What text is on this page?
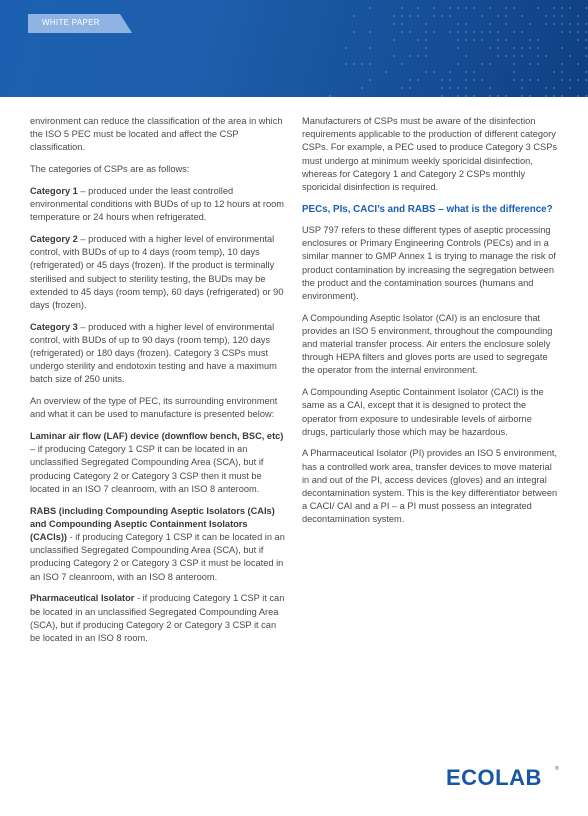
WHITE PAPER

environment can reduce the classification of the area in which the ISO 5 PEC must be located and affect the CSP classification.

The categories of CSPs are as follows:

Category 1 – produced under the least controlled environmental conditions with BUDs of up to 12 hours at room temperature or 24 hours when refrigerated.

Category 2 – produced with a higher level of environmental control, with BUDs of up to 4 days (room temp), 10 days (refrigerated) or 45 days (frozen). If the product is terminally sterilised and subject to sterility testing, the BUDs may be extended to 45 days (room temp), 60 days (refrigerated) or 90 days (frozen).

Category 3 – produced with a higher level of environmental control, with BUDs of up to 90 days (room temp), 120 days (refrigerated) or 180 days (frozen). Category 3 CSPs must undergo sterility and endotoxin testing and have a maximum batch size of 250 units.

An overview of the type of PEC, its surrounding environment and what it can be used to manufacture is presented below:

Laminar air flow (LAF) device (downflow bench, BSC, etc) – if producing Category 1 CSP it can be located in an unclassified Segregated Compounding Area (SCA), but if producing Category 2 or Category 3 CSP then it must be located in an ISO 7 cleanroom, with an ISO 8 anteroom.

RABS (including Compounding Aseptic Isolators (CAIs) and Compounding Aseptic Containment Isolators (CACIs)) - if producing Category 1 CSP it can be located in an unclassified Segregated Compounding Area (SCA), but if producing Category 2 or Category 3 CSP it must be located in an ISO 7 cleanroom, with an ISO 8 anteroom.

Pharmaceutical Isolator - if producing Category 1 CSP it can be located in an unclassified Segregated Compounding Area (SCA), but if producing Category 2 or Category 3 CSP it can be located in an ISO 8 room.

Manufacturers of CSPs must be aware of the disinfection requirements applicable to the production of different category CSPs. For example, a PEC used to produce Category 3 CSPs must undergo at minimum weekly sporicidal disinfection, whereas for Category 1 and Category 2 CSPs monthly sporicidal disinfection is required.

PECs, PIs, CACI’s and RABS – what is the difference?

USP 797 refers to these different types of aseptic processing enclosures or Primary Engineering Controls (PECs) and in a similar manner to GMP Annex 1 is trying to manage the risk of product contamination by increasing the segregation between the product and the contamination sources (humans and environment).

A Compounding Aseptic Isolator (CAI) is an enclosure that provides an ISO 5 environment, throughout the compounding and material transfer process. Air enters the enclosure solely through HEPA filters and gloves ports are used to segregate the operator from the internal environment.

A Compounding Aseptic Containment Isolator (CACI) is the same as a CAI, except that it is designed to protect the operator from exposure to undesirable levels of airborne drugs, particularly those which may be hazardous.

A Pharmaceutical Isolator (PI) provides an ISO 5 environment, has a controlled work area, transfer devices to move material in and out of the PI, access devices (gloves) and an integral decontamination system. This is the key differentiator between a CACI/ CAI and a PI – a PI must possess an integrated decontamination system.

ECOLAB	®
